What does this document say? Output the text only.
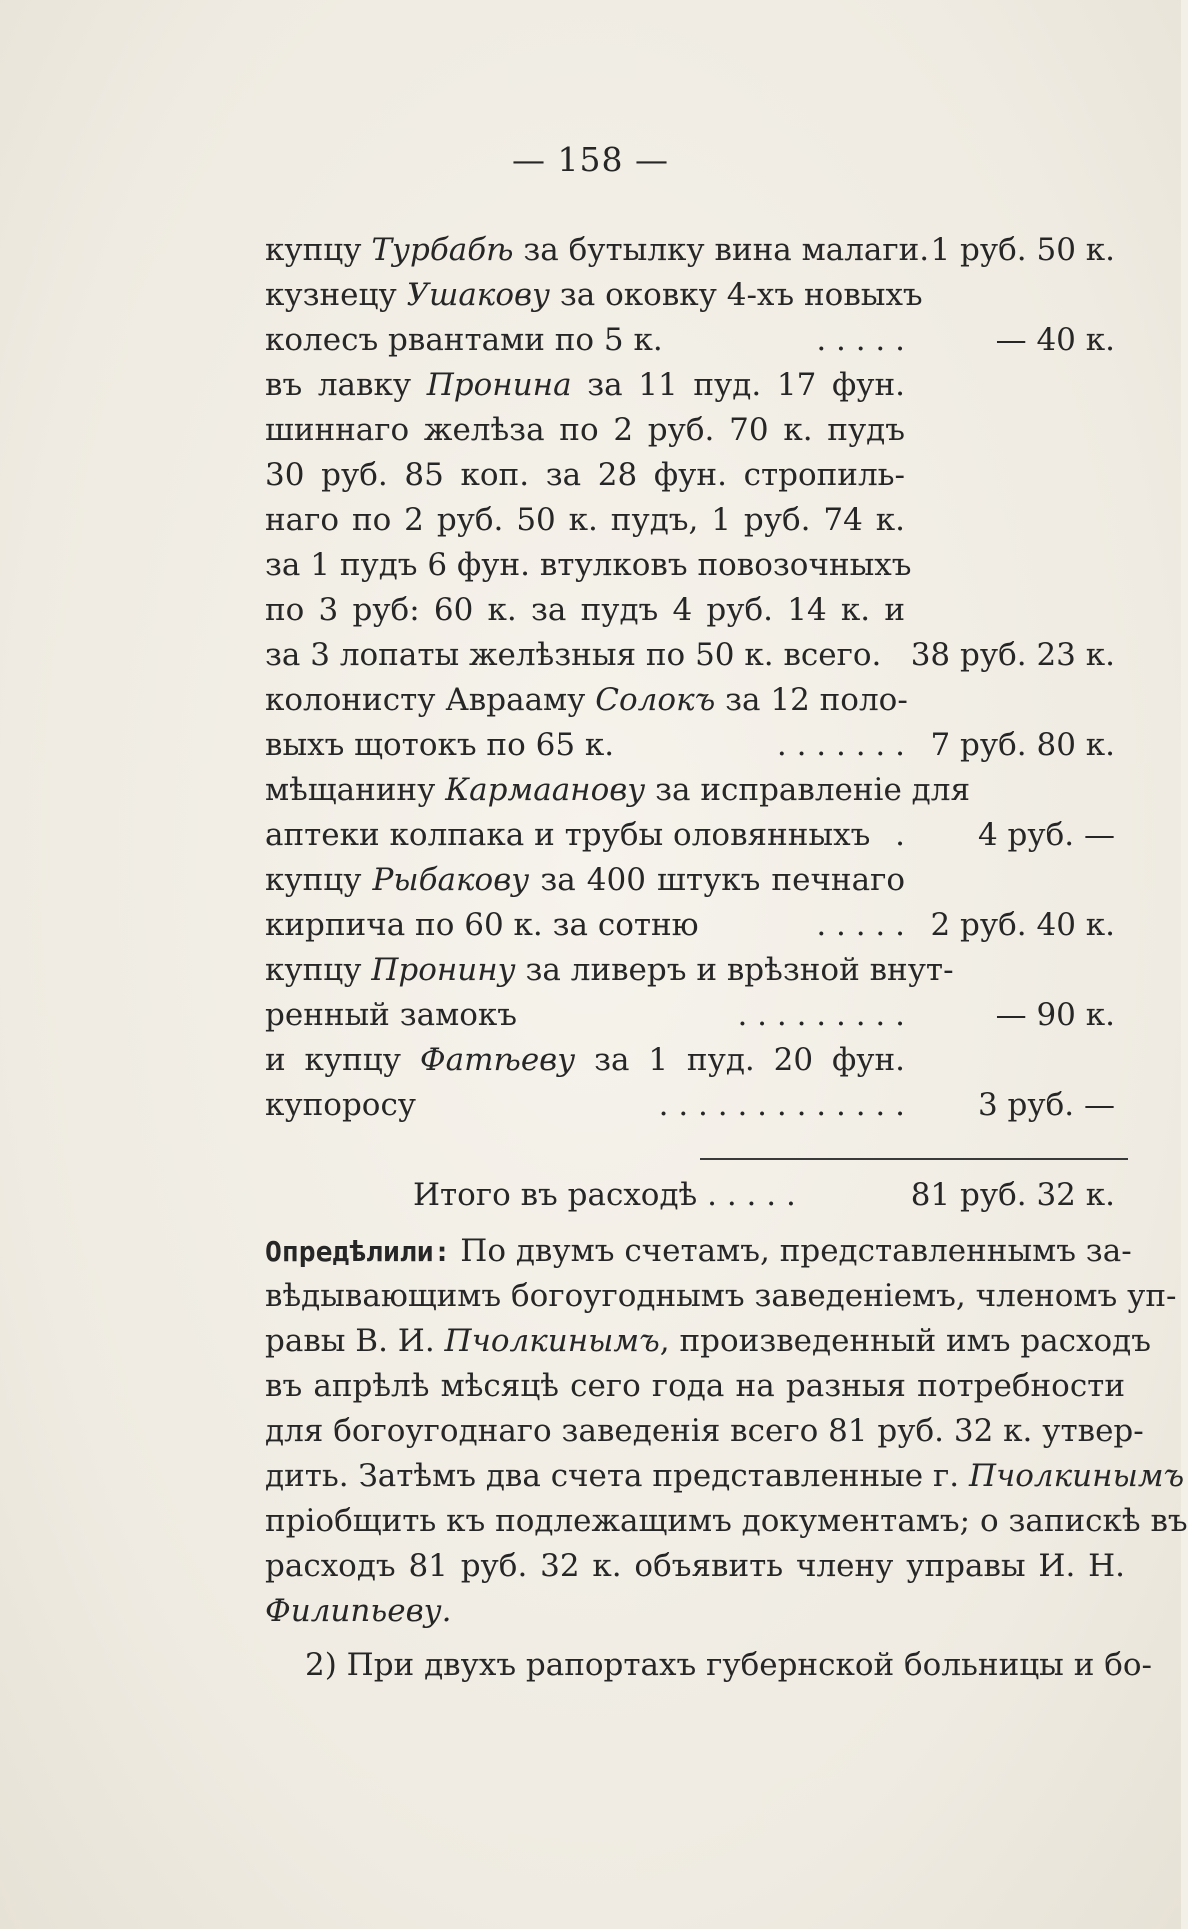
— 158 —
купцу Турбабѣ за бутылку вина малаги. 1 руб. 50 к.
кузнецу Ушакову за оковку 4-хъ новыхъ
колесъ рвантами по 5 к.	. . . . .	— 40 к.
въ лавку Пронина за 11 пуд. 17 фун.
шиннаго желѣза по 2 руб. 70 к. пудъ
30 руб. 85 коп. за 28 фун. стропиль-
наго по 2 руб. 50 к. пудъ, 1 руб. 74 к.
за 1 пудъ 6 фун. втулковъ повозочныхъ
по 3 руб: 60 к. за пудъ 4 руб. 14 к. и
за 3 лопаты желѣзныя по 50 к. всего. 38 руб. 23 к.
колонисту Аврааму Солокъ за 12 поло-
выхъ щотокъ по 65 к.	. . . . . . . 7 руб. 80 к.
мѣщанину Кармаанову за исправленіе для
аптеки колпака и трубы оловянныхъ .	4 руб. —
купцу Рыбакову за 400 штукъ печнаго
кирпича по 60 к. за сотню	. . . . . 2 руб. 40 к.
купцу Пронину за ливеръ и врѣзной внут-
ренный замокъ	. . . . . . . . .	— 90 к.
и купцу Фатѣеву за 1 пуд. 20 фун.
купоросу	. . . . . . . . . . . . .	3 руб. —
Итого въ расходѣ . . . . .	81 руб. 32 к.
Опредѣлили: По двумъ счетамъ, представленнымъ за-
вѣдывающимъ богоугоднымъ заведеніемъ, членомъ уп-
равы В. И. Пчолкинымъ, произведенный имъ расходъ
въ апрѣлѣ мѣсяцѣ сего года на разныя потребности
для богоугоднаго заведенія всего 81 руб. 32 к. утвер-
дить. Затѣмъ два счета представленные г. Пчолкинымъ
пріобщить къ подлежащимъ документамъ; о запискѣ въ
расходъ 81 руб. 32 к. объявить члену управы И. Н.
Филипьеву.
2) При двухъ рапортахъ губернской больницы и бо-
